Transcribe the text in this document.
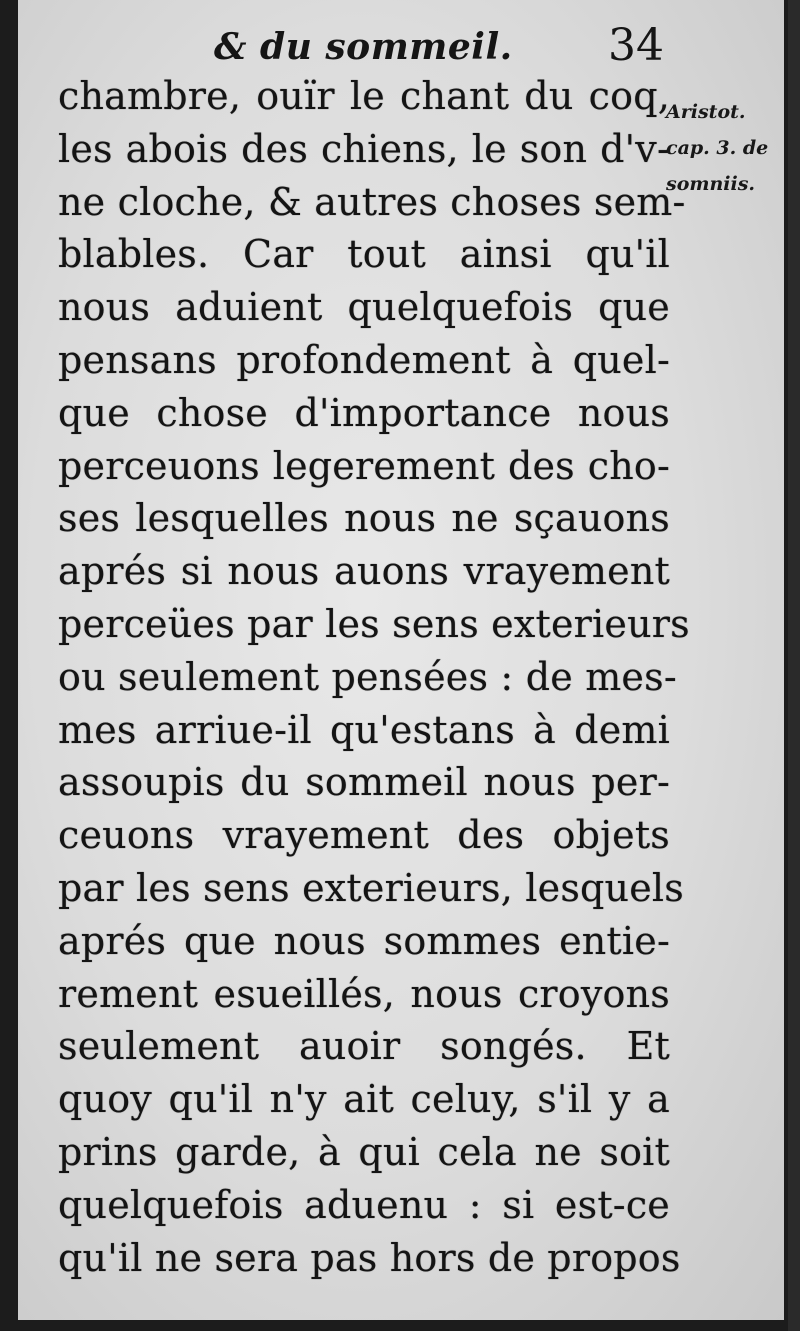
& du sommeil. 34
chambre, ouïr le chant du coq,
les abois des chiens, le son d'v-
ne cloche, & autres choses sem-
blables. Car tout ainsi qu'il
nous aduient quelquefois que
pensans profondement à quel-
que chose d'importance nous
perceuons legerement des cho-
ses lesquelles nous ne sçauons
aprés si nous auons vrayement
perceües par les sens exterieurs
ou seulement pensées : de mes-
mes arriue-il qu'estans à demi
assoupis du sommeil nous per-
ceuons vrayement des objets
par les sens exterieurs, lesquels
aprés que nous sommes entie-
rement esueillés, nous croyons
seulement auoir songés. Et
quoy qu'il n'y ait celuy, s'il y a
prins garde, à qui cela ne soit
quelquefois aduenu : si est-ce
qu'il ne sera pas hors de propos
Aristot.
cap. 3. de
somniis.
